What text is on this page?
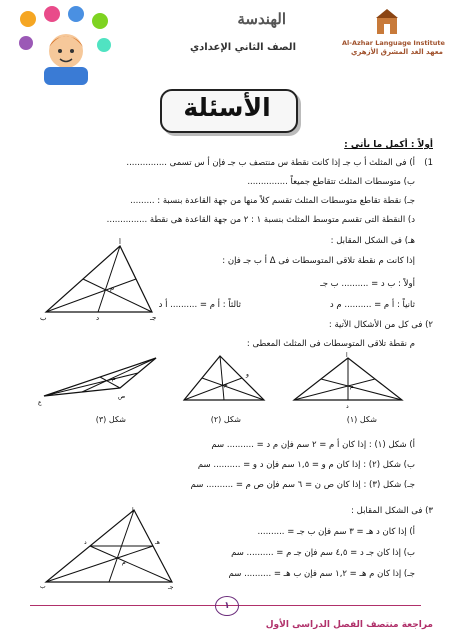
الهندسة
الصف الثاني الإعدادي	Al-Azhar Language Institute
معهد الغد المشرق الأزهري
الأسئلة
أولاً : أكمل ما يأتي :
1)
أ) فى المثلث أ ب جـ إذا كانت نقطة س منتصف ب جـ فإن أ س تسمى ...............
ب) متوسطات المثلث تتقاطع جميعاً ...............
جـ) نقطة تقاطع متوسطات المثلث تقسم كلاً منها من جهة القاعدة بنسبة : .........
د) النقطة التى تقسم متوسط المثلث بنسبة ١ : ٢ من جهة القاعدة هى نقطة ...............
هـ) فى الشكل المقابل :
إذا كانت م نقطة تلاقى المتوسطات فى Δ أ ب جـ فإن :
أولاً : ب د = .......... ب جـ
ثانياً : أ م = .......... م د
ثالثاً : أ م = .......... أ د
أ
ب	جـ
د
م
٢) فى كل من الأشكال الآتية :
م نقطة تلاقى المتوسطات فى المثلث المعطى :
أ
م
د
م
و
ع
ص
م
شكل (١)
شكل (٢)
شكل (٣)
أ) شكل (١) : إذا كان أ م = ٢ سم فإن م د = .......... سم
ب) شكل (٢) : إذا كان م و = ١,٥ سم فإن د و = .......... سم
جـ) شكل (٣) : إذا كان ص ن = ٦ سم فإن ص م = .......... سم
٣) فى الشكل المقابل :
أ) إذا كان د هـ = ٣ سم فإن ب جـ = ..........
ب) إذا كان جـ د = ٤,٥ سم فإن جـ م = .......... سم
جـ) إذا كان م هـ = ١,٢ سم فإن ب هـ = .......... سم
أ
ب	جـ
د	هـ
م
١
مراجعة منتصف الفصل الدراسى الأول
